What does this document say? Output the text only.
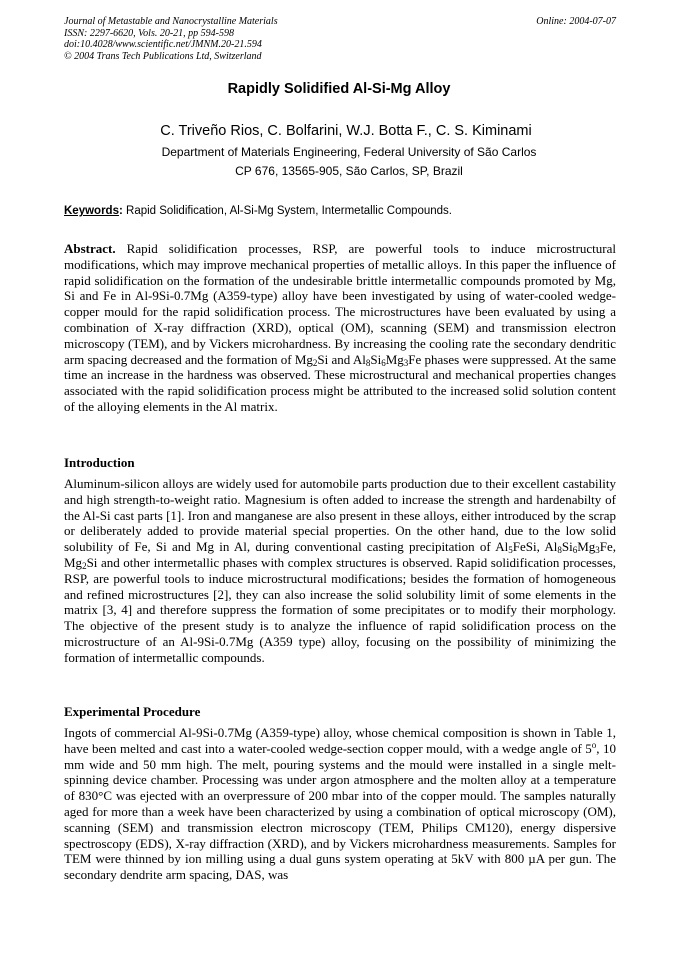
Journal of Metastable and Nanocrystalline Materials
ISSN: 2297-6620, Vols. 20-21, pp 594-598
doi:10.4028/www.scientific.net/JMNM.20-21.594
© 2004 Trans Tech Publications Ltd, Switzerland
Online: 2004-07-07
Rapidly Solidified Al-Si-Mg Alloy
C. Triveño Rios, C. Bolfarini, W.J. Botta F., C. S. Kiminami
Department of Materials Engineering, Federal University of São Carlos
CP 676, 13565-905, São Carlos, SP, Brazil
Keywords: Rapid Solidification, Al-Si-Mg System, Intermetallic Compounds.
Abstract. Rapid solidification processes, RSP, are powerful tools to induce microstructural modifications, which may improve mechanical properties of metallic alloys. In this paper the influence of rapid solidification on the formation of the undesirable brittle intermetallic compounds promoted by Mg, Si and Fe in Al-9Si-0.7Mg (A359-type) alloy have been investigated by using of water-cooled wedge-copper mould for the rapid solidification process. The microstructures have been evaluated by using a combination of X-ray diffraction (XRD), optical (OM), scanning (SEM) and transmission electron microscopy (TEM), and by Vickers microhardness. By increasing the cooling rate the secondary dendritic arm spacing decreased and the formation of $Mg_2Si$ and $Al_8Si_6Mg_3Fe$ phases were suppressed. At the same time an increase in the hardness was observed. These microstructural and mechanical properties changes associated with the rapid solidification process might be attributed to the increased solid solution content of the alloying elements in the Al matrix.
Introduction
Aluminum-silicon alloys are widely used for automobile parts production due to their excellent castability and high strength-to-weight ratio. Magnesium is often added to increase the strength and hardenabilty of the Al-Si cast parts [1]. Iron and manganese are also present in these alloys, either introduced by the scrap or deliberately added to provide material special properties. On the other hand, due to the low solid solubility of Fe, Si and Mg in Al, during conventional casting precipitation of $Al_5FeSi$, $Al_8Si_6Mg_3Fe$, $Mg_2Si$ and other intermetallic phases with complex structures is observed. Rapid solidification processes, RSP, are powerful tools to induce microstructural modifications; besides the formation of homogeneous and refined microstructures [2], they can also increase the solid solubility limit of some elements in the matrix [3, 4] and therefore suppress the formation of some precipitates or to modify their morphology. The objective of the present study is to analyze the influence of rapid solidification process on the microstructure of an Al-9Si-0.7Mg (A359 type) alloy, focusing on the possibility of minimizing the formation of intermetallic compounds.
Experimental Procedure
Ingots of commercial Al-9Si-0.7Mg (A359-type) alloy, whose chemical composition is shown in Table 1, have been melted and cast into a water-cooled wedge-section copper mould, with a wedge angle of 5$^o$, 10 mm wide and 50 mm high. The melt, pouring systems and the mould were installed in a single melt-spinning device chamber. Processing was under argon atmosphere and the molten alloy at a temperature of 830°C was ejected with an overpressure of 200 mbar into of the copper mould. The samples naturally aged for more than a week have been characterized by using a combination of optical microscopy (OM), scanning (SEM) and transmission electron microscopy (TEM, Philips CM120), energy dispersive spectroscopy (EDS), X-ray diffraction (XRD), and by Vickers microhardness measurements. Samples for TEM were thinned by ion milling using a dual guns system operating at 5kV with 800 µA per gun. The secondary dendrite arm spacing, DAS, was
